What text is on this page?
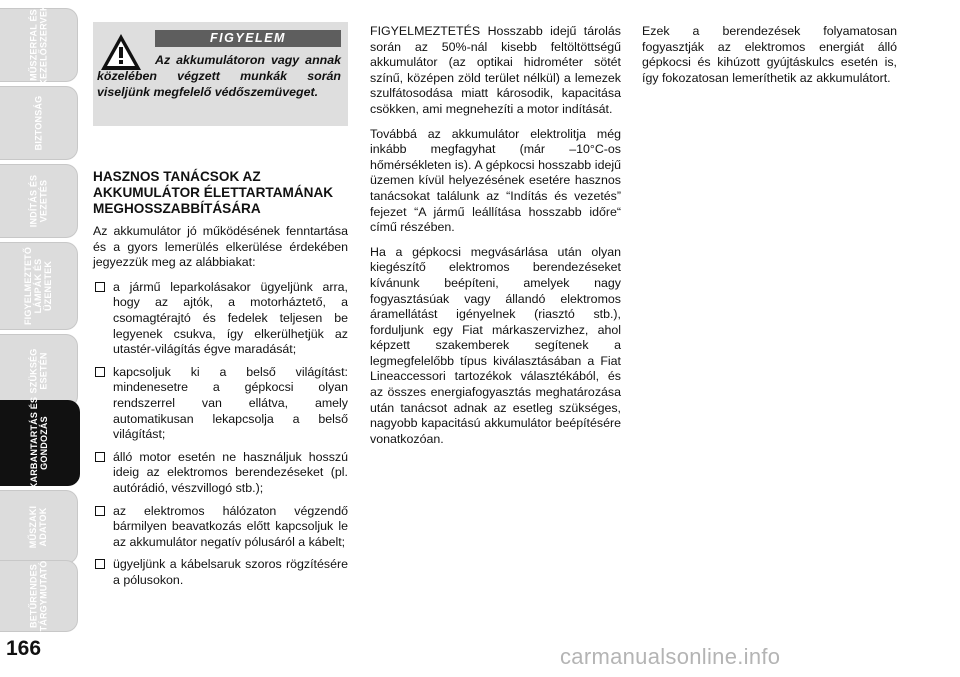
MŰSZERFAL ÉS
KEZELŐSZERVEK
BIZTONSÁG
INDÍTÁS ÉS
VEZETÉS
FIGYELMEZTETŐ
LÁMPÁK ÉS
ÜZENETEK
SZÜKSÉG
ESETÉN
KARBANTARTÁS ÉS
GONDOZÁS
MŰSZAKI
ADATOK
BETŰRENDES
TÁRGYMUTATÓ
166
FIGYELEM
Az akkumulátoron vagy annak közelében végzett munkák során viseljünk megfelelő védőszemüveget.
HASZNOS TANÁCSOK AZ AKKUMULÁTOR ÉLETTARTAMÁNAK MEGHOSSZABBÍTÁSÁRA

Az akkumulátor jó működésének fenntartása és a gyors lemerülés elkerülése érdekében jegyezzük meg az alábbiakat:

a jármű leparkolásakor ügyeljünk arra, hogy az ajtók, a motorháztető, a csomagtérajtó és fedelek teljesen be legyenek csukva, így elkerülhetjük az utastér-világítás égve maradását;
kapcsoljuk ki a belső világítást: mindenesetre a gépkocsi olyan rendszerrel van ellátva, amely automatikusan lekapcsolja a belső világítást;
álló motor esetén ne használjuk hosszú ideig az elektromos berendezéseket (pl. autórádió, vészvillogó stb.);
az elektromos hálózaton végzendő bármilyen beavatkozás előtt kapcsoljuk le az akkumulátor negatív pólusáról a kábelt;
ügyeljünk a kábelsaruk szoros rögzítésére a pólusokon.

FIGYELMEZTETÉS Hosszabb idejű tárolás során az 50%-nál kisebb feltöltöttségű akkumulátor (az optikai hidrométer sötét színű, középen zöld terület nélkül) a lemezek szulfátosodása miatt károsodik, kapacitása csökken, ami megnehezíti a motor indítását.

Továbbá az akkumulátor elektrolitja még inkább megfagyhat (már –10°C-os hőmérsékleten is). A gépkocsi hosszabb idejű üzemen kívül helyezésének esetére hasznos tanácsokat találunk az “Indítás és vezetés” fejezet “A jármű leállítása hosszabb időre“ című részében.

Ha a gépkocsi megvásárlása után olyan kiegészítő elektromos berendezéseket kívánunk beépíteni, amelyek nagy fogyasztásúak vagy állandó elektromos áramellátást igényelnek (riasztó stb.), forduljunk egy Fiat márkaszervizhez, ahol képzett szakemberek segítenek a legmegfelelőbb típus kiválasztásában a Fiat Lineaccessori tartozékok választékából, és az összes energiafogyasztás meghatározása után tanácsot adnak az esetleg szükséges, nagyobb kapacitású akkumulátor beépítésére vonatkozóan.

Ezek a berendezések folyamatosan fogyasztják az elektromos energiát álló gépkocsi és kihúzott gyújtáskulcs esetén is, így fokozatosan lemeríthetik az akkumulátort.

carmanualsonline.info
